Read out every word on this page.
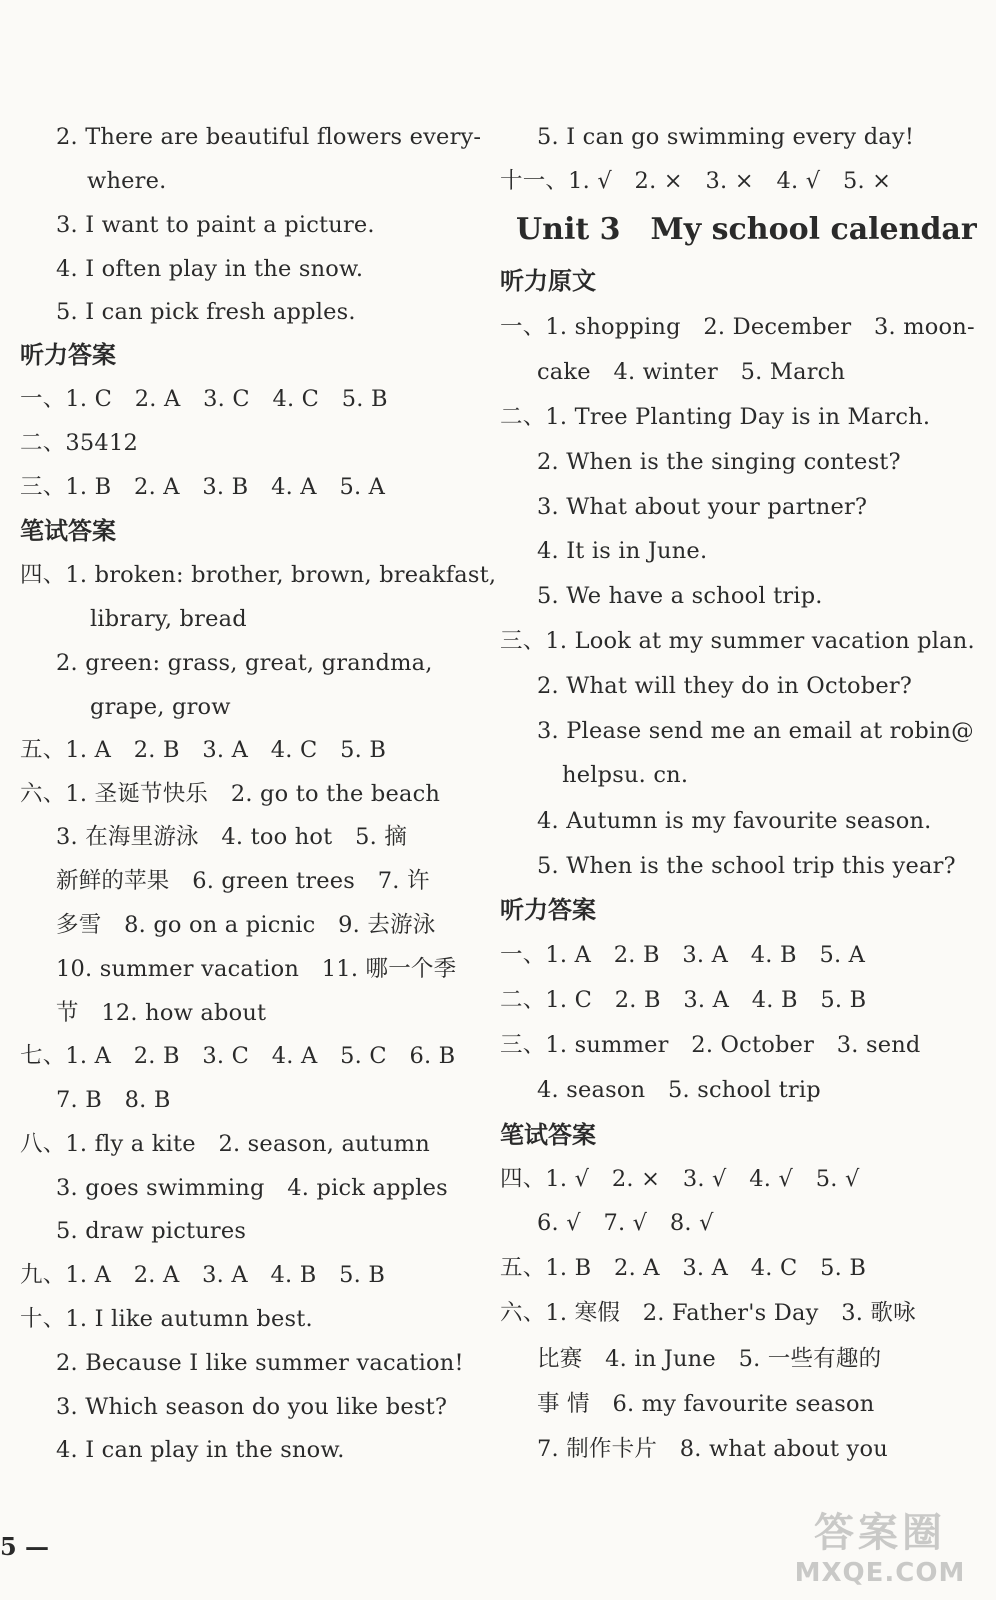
2. There are beautiful flowers every-
where.
3. I want to paint a picture.
4. I often play in the snow.
5. I can pick fresh apples.
听力答案
一、1. C　2. A　3. C　4. C　5. B
二、35412
三、1. B　2. A　3. B　4. A　5. A
笔试答案
四、1. broken: brother, brown, breakfast,
library, bread
2. green: grass, great, grandma,
grape, grow
五、1. A　2. B　3. A　4. C　5. B
六、1. 圣诞节快乐　2. go to the beach
3. 在海里游泳　4. too hot　5. 摘
新鲜的苹果　6. green trees　7. 许
多雪　8. go on a picnic　9. 去游泳
10. summer vacation　11. 哪一个季
节　12. how about
七、1. A　2. B　3. C　4. A　5. C　6. B
7. B　8. B
八、1. fly a kite　2. season, autumn
3. goes swimming　4. pick apples
5. draw pictures
九、1. A　2. A　3. A　4. B　5. B
十、1. I like autumn best.
2. Because I like summer vacation!
3. Which season do you like best?
4. I can play in the snow.
5. I can go swimming every day!
十一、1. √　2. ×　3. ×　4. √　5. ×
Unit 3　My school calendar
听力原文
一、1. shopping　2. December　3. moon-
cake　4. winter　5. March
二、1. Tree Planting Day is in March.
2. When is the singing contest?
3. What about your partner?
4. It is in June.
5. We have a school trip.
三、1. Look at my summer vacation plan.
2. What will they do in October?
3. Please send me an email at robin@
helpsu. cn.
4. Autumn is my favourite season.
5. When is the school trip this year?
听力答案
一、1. A　2. B　3. A　4. B　5. A
二、1. C　2. B　3. A　4. B　5. B
三、1. summer　2. October　3. send
4. season　5. school trip
笔试答案
四、1. √　2. ×　3. √　4. √　5. √
6. √　7. √　8. √
五、1. B　2. A　3. A　4. C　5. B
六、1. 寒假　2. Father's Day　3. 歌咏
比赛　4. in June　5. 一些有趣的
事 情　6. my favourite season
7. 制作卡片　8. what about you
5 —	答案圈
MXQE.COM
